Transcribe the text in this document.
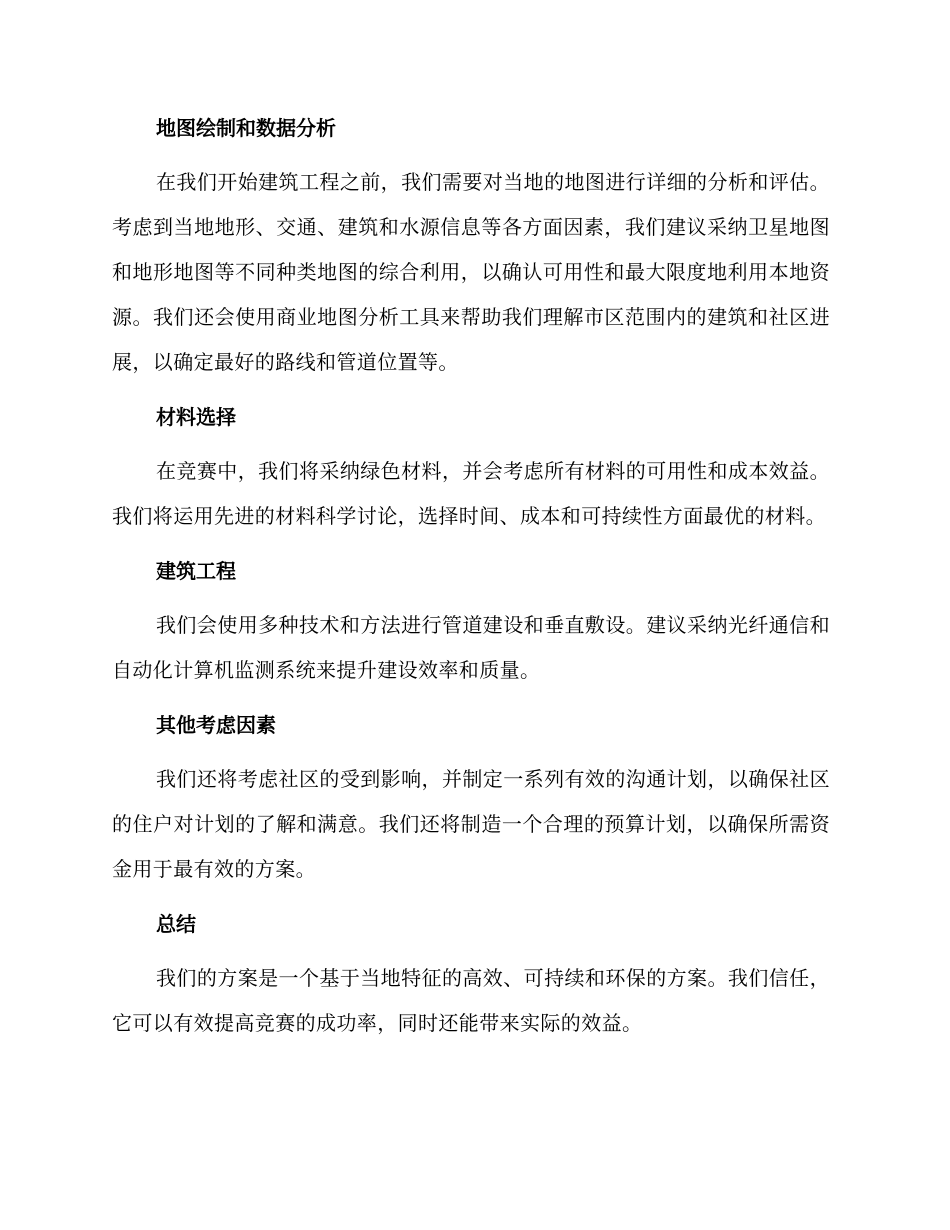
地图绘制和数据分析

在我们开始建筑工程之前，我们需要对当地的地图进行详细的分析和评估。考虑到当地地形、交通、建筑和水源信息等各方面因素，我们建议采纳卫星地图和地形地图等不同种类地图的综合利用，以确认可用性和最大限度地利用本地资源。我们还会使用商业地图分析工具来帮助我们理解市区范围内的建筑和社区进展，以确定最好的路线和管道位置等。

材料选择

在竞赛中，我们将采纳绿色材料，并会考虑所有材料的可用性和成本效益。我们将运用先进的材料科学讨论，选择时间、成本和可持续性方面最优的材料。

建筑工程

我们会使用多种技术和方法进行管道建设和垂直敷设。建议采纳光纤通信和自动化计算机监测系统来提升建设效率和质量。

其他考虑因素

我们还将考虑社区的受到影响，并制定一系列有效的沟通计划，以确保社区的住户对计划的了解和满意。我们还将制造一个合理的预算计划，以确保所需资金用于最有效的方案。

总结

我们的方案是一个基于当地特征的高效、可持续和环保的方案。我们信任，它可以有效提高竞赛的成功率，同时还能带来实际的效益。
